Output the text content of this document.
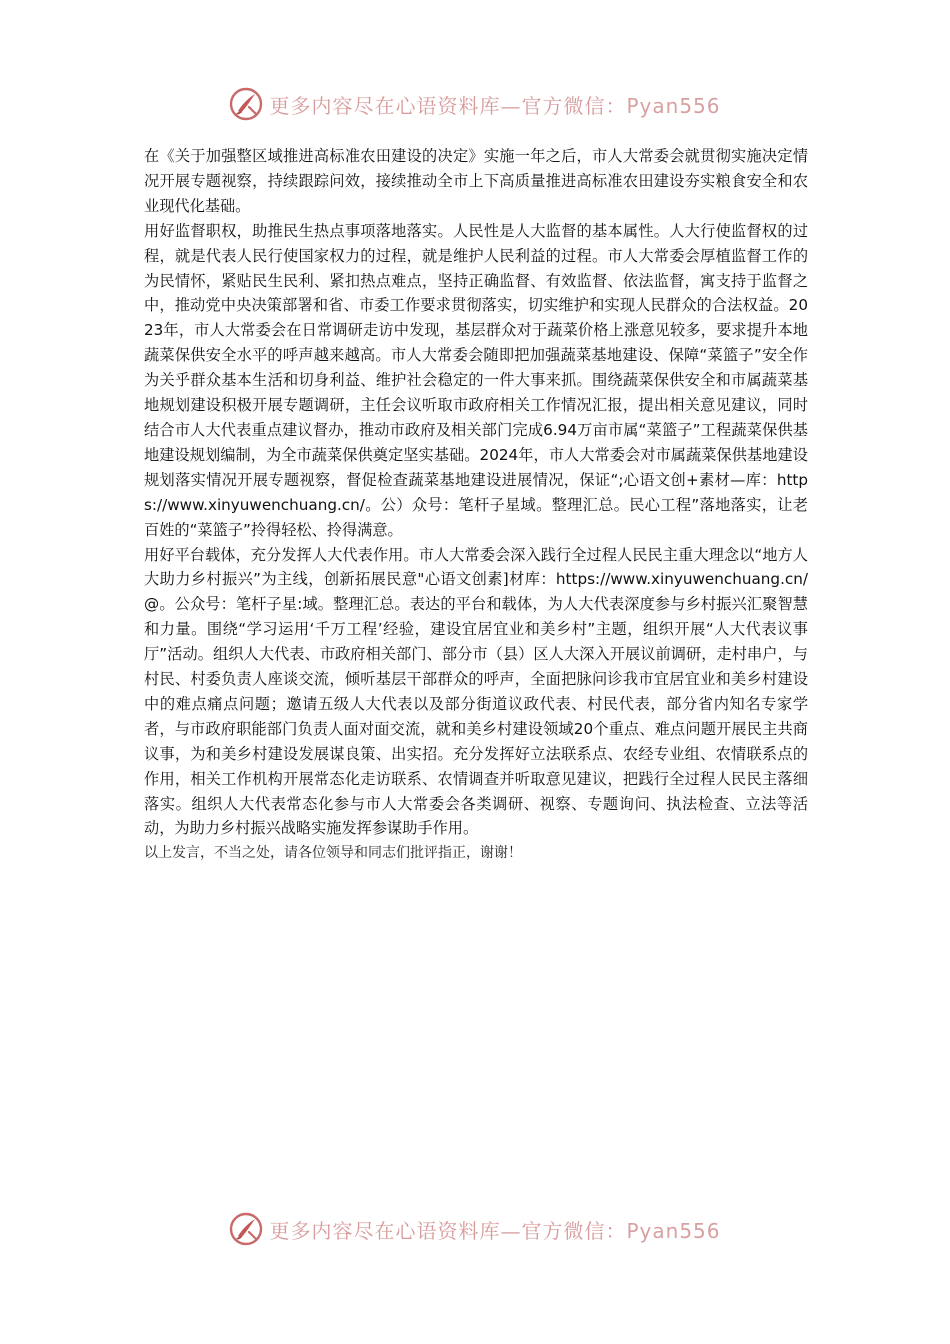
更多内容尽在心语资料库—官方微信：Pyan556

在《关于加强整区域推进高标准农田建设的决定》实施一年之后，市人大常委会就贯彻实施决定情况开展专题视察，持续跟踪问效，接续推动全市上下高质量推进高标准农田建设夯实粮食安全和农业现代化基础。

用好监督职权，助推民生热点事项落地落实。人民性是人大监督的基本属性。人大行使监督权的过程，就是代表人民行使国家权力的过程，就是维护人民利益的过程。市人大常委会厚植监督工作的为民情怀，紧贴民生民利、紧扣热点难点，坚持正确监督、有效监督、依法监督，寓支持于监督之中，推动党中央决策部署和省、市委工作要求贯彻落实，切实维护和实现人民群众的合法权益。2023年，市人大常委会在日常调研走访中发现，基层群众对于蔬菜价格上涨意见较多，要求提升本地蔬菜保供安全水平的呼声越来越高。市人大常委会随即把加强蔬菜基地建设、保障“菜篮子”安全作为关乎群众基本生活和切身利益、维护社会稳定的一件大事来抓。围绕蔬菜保供安全和市属蔬菜基地规划建设积极开展专题调研，主任会议听取市政府相关工作情况汇报，提出相关意见建议，同时结合市人大代表重点建议督办，推动市政府及相关部门完成6.94万亩市属“菜篮子”工程蔬菜保供基地建设规划编制，为全市蔬菜保供奠定坚实基础。2024年，市人大常委会对市属蔬菜保供基地建设规划落实情况开展专题视察，督促检查蔬菜基地建设进展情况，保证“;心语文创+素材—库：https://www.xinyuwenchuang.cn/。公）众号：笔杆子星域。整理汇总。民心工程”落地落实，让老百姓的“菜篮子”拎得轻松、拎得满意。

用好平台载体，充分发挥人大代表作用。市人大常委会深入践行全过程人民民主重大理念以“地方人大助力乡村振兴”为主线，创新拓展民意"心语文创素]材库：https://www.xinyuwenchuang.cn/@。公众号：笔杆子星:域。整理汇总。表达的平台和载体，为人大代表深度参与乡村振兴汇聚智慧和力量。围绕“学习运用‘千万工程’经验，建设宜居宜业和美乡村”主题，组织开展“人大代表议事厅”活动。组织人大代表、市政府相关部门、部分市（县）区人大深入开展议前调研，走村串户，与村民、村委负责人座谈交流，倾听基层干部群众的呼声，全面把脉问诊我市宜居宜业和美乡村建设中的难点痛点问题；邀请五级人大代表以及部分街道议政代表、村民代表，部分省内知名专家学者，与市政府职能部门负责人面对面交流，就和美乡村建设领域20个重点、难点问题开展民主共商议事，为和美乡村建设发展谋良策、出实招。充分发挥好立法联系点、农经专业组、农情联系点的作用，相关工作机构开展常态化走访联系、农情调查并听取意见建议，把践行全过程人民民主落细落实。组织人大代表常态化参与市人大常委会各类调研、视察、专题询问、执法检查、立法等活动，为助力乡村振兴战略实施发挥参谋助手作用。

以上发言，不当之处，请各位领导和同志们批评指正，谢谢！

更多内容尽在心语资料库—官方微信：Pyan556
